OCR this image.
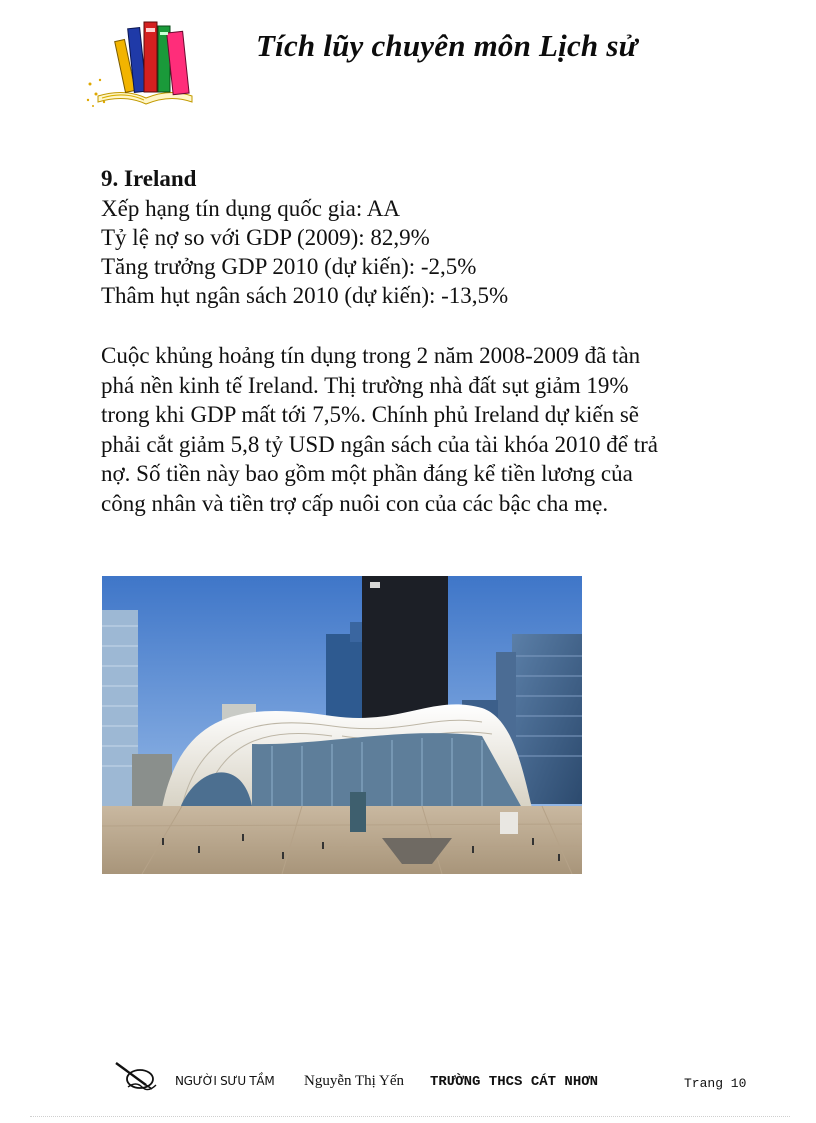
Tích lũy chuyên môn Lịch sử

9. Ireland

Xếp hạng tín dụng quốc gia: AA

Tỷ lệ nợ so với GDP (2009): 82,9%

Tăng trưởng GDP 2010 (dự kiến): -2,5%

Thâm hụt ngân sách 2010 (dự kiến): -13,5%

Cuộc khủng hoảng tín dụng trong 2 năm 2008-2009 đã tàn phá nền kinh tế Ireland. Thị trường nhà đất sụt giảm 19% trong khi GDP mất tới 7,5%. Chính phủ Ireland dự kiến sẽ phải cắt giảm 5,8 tỷ USD ngân sách của tài khóa 2010 để trả nợ. Số tiền này bao gồm một phần đáng kể tiền lương của công nhân và tiền trợ cấp nuôi con của các bậc cha mẹ.

NGƯỜI SƯU TẦM Nguyễn Thị Yến TRƯỜNG THCS CÁT NHƠN	Trang 10
